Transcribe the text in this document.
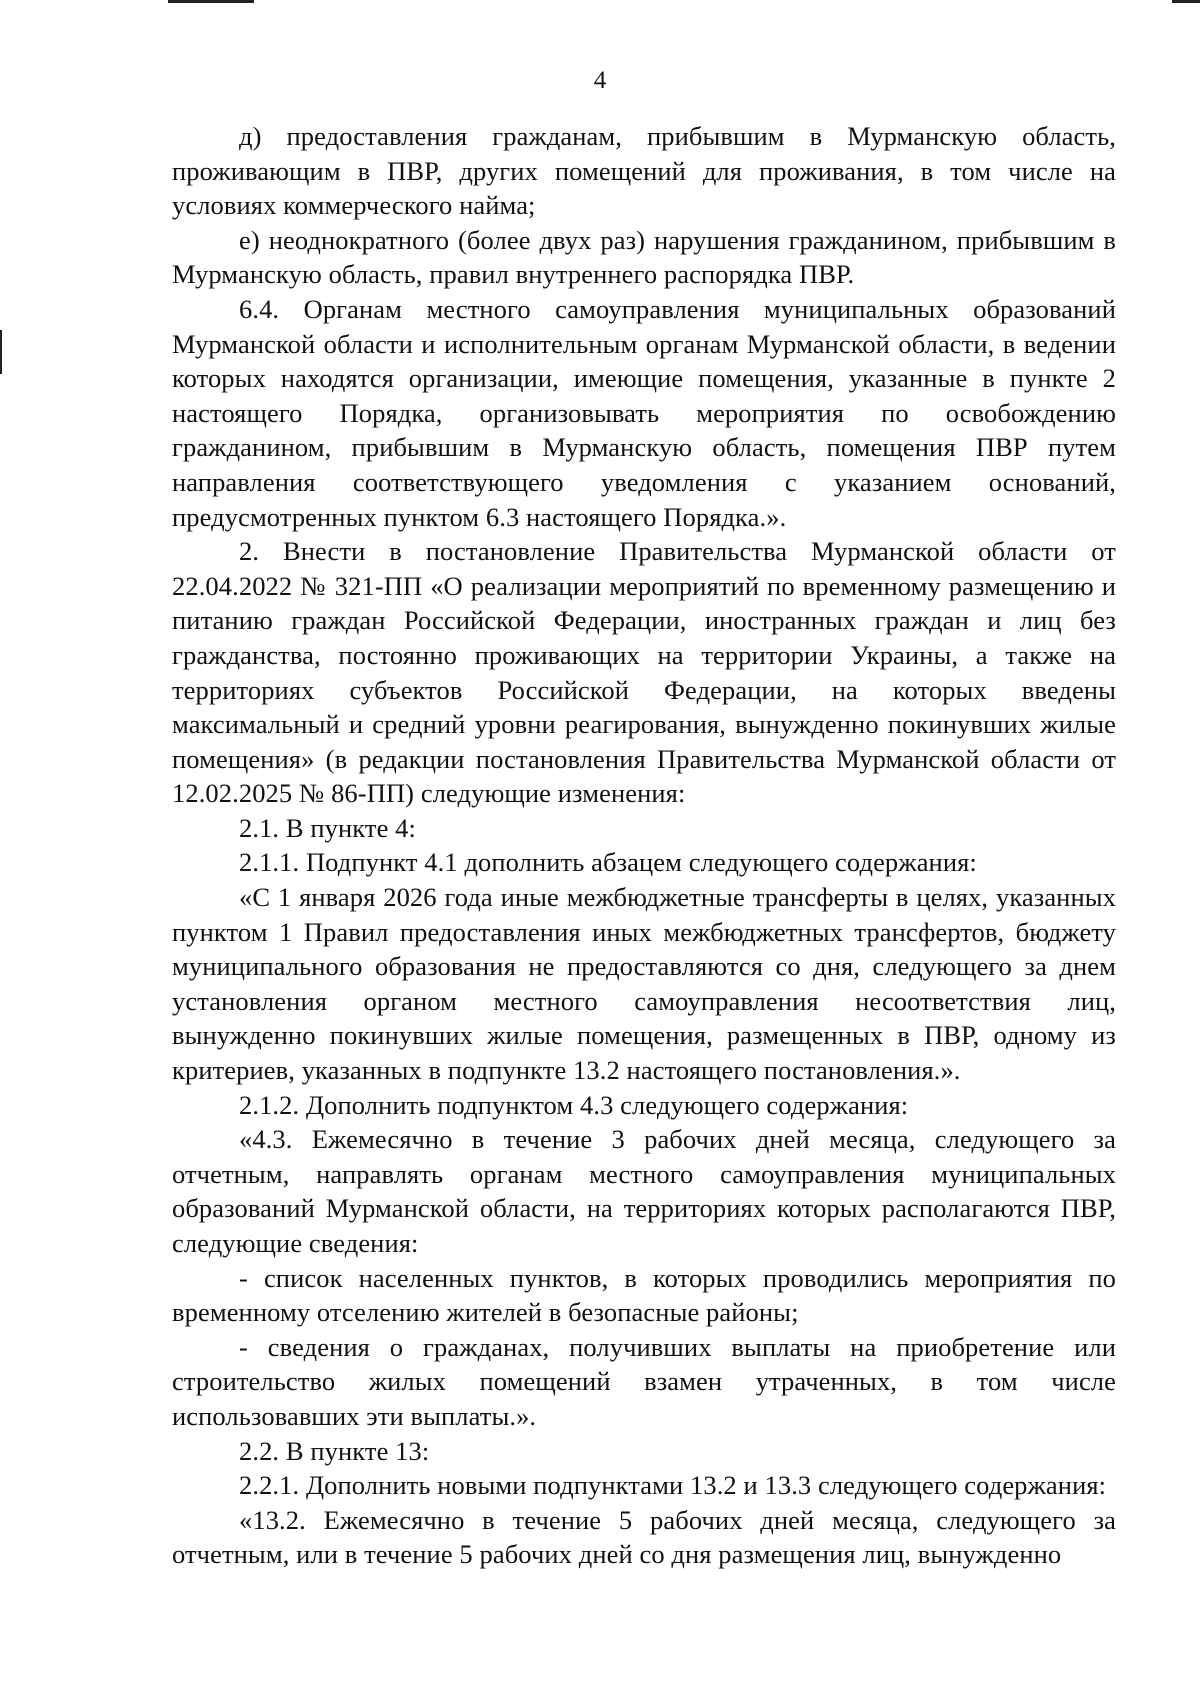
4

д) предоставления гражданам, прибывшим в Мурманскую область, проживающим в ПВР, других помещений для проживания, в том числе на условиях коммерческого найма;

е) неоднократного (более двух раз) нарушения гражданином, прибывшим в Мурманскую область, правил внутреннего распорядка ПВР.

6.4. Органам местного самоуправления муниципальных образований Мурманской области и исполнительным органам Мурманской области, в ведении которых находятся организации, имеющие помещения, указанные в пункте 2 настоящего Порядка, организовывать мероприятия по освобождению гражданином, прибывшим в Мурманскую область, помещения ПВР путем направления соответствующего уведомления с указанием оснований, предусмотренных пунктом 6.3 настоящего Порядка.».

2. Внести в постановление Правительства Мурманской области от 22.04.2022 № 321-ПП «О реализации мероприятий по временному размещению и питанию граждан Российской Федерации, иностранных граждан и лиц без гражданства, постоянно проживающих на территории Украины, а также на территориях субъектов Российской Федерации, на которых введены максимальный и средний уровни реагирования, вынужденно покинувших жилые помещения» (в редакции постановления Правительства Мурманской области от 12.02.2025 № 86-ПП) следующие изменения:

2.1. В пункте 4:

2.1.1. Подпункт 4.1 дополнить абзацем следующего содержания:

«С 1 января 2026 года иные межбюджетные трансферты в целях, указанных пунктом 1 Правил предоставления иных межбюджетных трансфертов, бюджету муниципального образования не предоставляются со дня, следующего за днем установления органом местного самоуправления несоответствия лиц, вынужденно покинувших жилые помещения, размещенных в ПВР, одному из критериев, указанных в подпункте 13.2 настоящего постановления.».

2.1.2. Дополнить подпунктом 4.3 следующего содержания:

«4.3. Ежемесячно в течение 3 рабочих дней месяца, следующего за отчетным, направлять органам местного самоуправления муниципальных образований Мурманской области, на территориях которых располагаются ПВР, следующие сведения:

- список населенных пунктов, в которых проводились мероприятия по временному отселению жителей в безопасные районы;

- сведения о гражданах, получивших выплаты на приобретение или строительство жилых помещений взамен утраченных, в том числе использовавших эти выплаты.».

2.2. В пункте 13:

2.2.1. Дополнить новыми подпунктами 13.2 и 13.3 следующего содержания:

«13.2. Ежемесячно в течение 5 рабочих дней месяца, следующего за отчетным, или в течение 5 рабочих дней со дня размещения лиц, вынужденно
